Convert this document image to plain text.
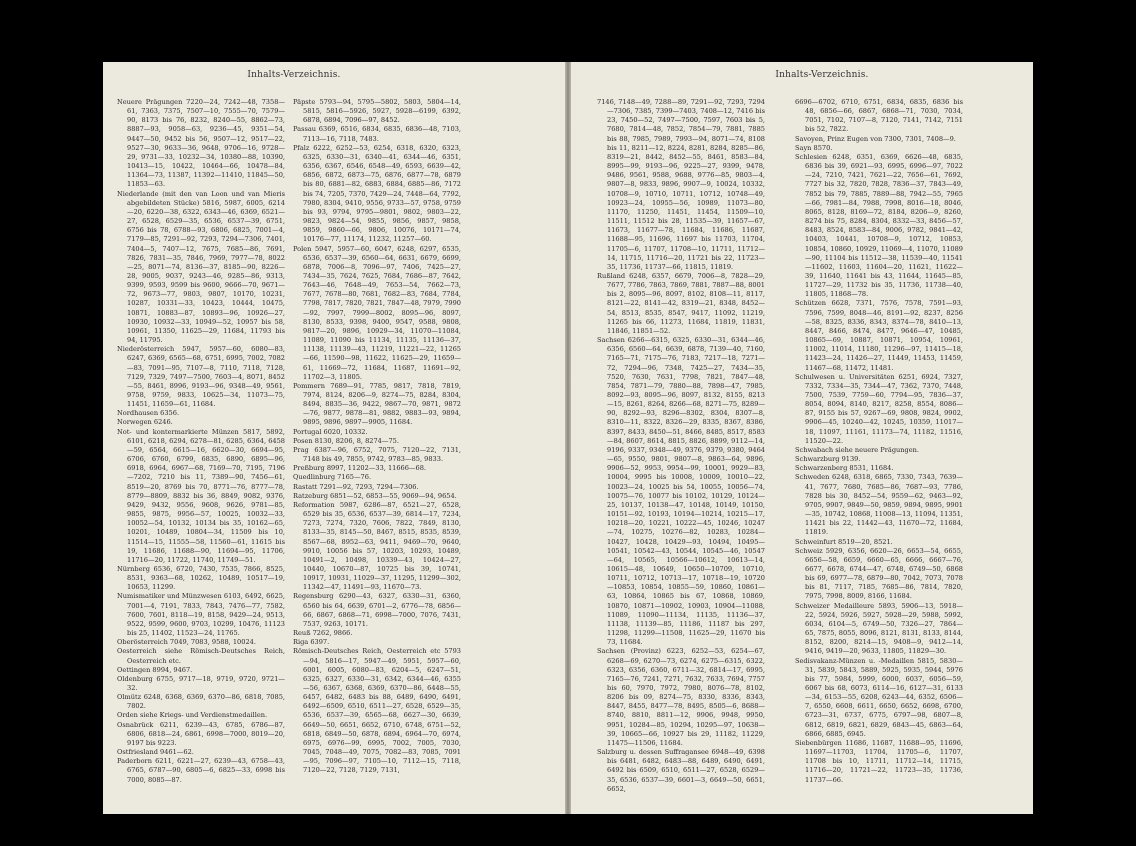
Inhalts-Verzeichnis.
Neuere Prägungen 7220—24, 7242—48, 7358—61, 7363, 7375, 7507—10, 7555—70, 7579—90, 8173 bis 76, 8232, 8240—55, 8862—73, 8887—93, 9058—63, 9236—45, 9351—54, 9447—50, 9452 bis 56, 9507—12, 9517—22, 9527—30, 9633—36, 9648, 9706—16, 9728—29, 9731—33, 10232—34, 10380—88, 10390, 10413—15, 10422, 10464—66, 10478—84, 11364—73, 11387, 11392—11410, 11845—50, 11853—63.
Niederlande (mit den van Loon und van Mieris abgebildeten Stücke) 5816, 5987, 6005, 6214—20, 6220—38, 6322, 6343—46, 6369, 6521—27, 6528, 6529—35, 6536, 6537—39, 6751, 6756 bis 78, 6788—93, 6806, 6825, 7001—4, 7179—85, 7291—92, 7293, 7294—7306, 7401, 7404—5, 7407—12, 7675, 7685—86, 7691, 7826, 7831—35, 7846, 7969, 7977—78, 8022—25, 8071—74, 8136—37, 8185—90, 8226—28, 9005, 9037, 9243—46, 9285—86, 9313, 9399, 9593, 9599 bis 9600, 9666—70, 9671—72, 9673—77, 9803, 9807, 10170, 10231, 10287, 10331—33, 10423, 10444, 10475, 10871, 10883—87, 10893—96, 10926—27, 10930, 10932—33, 10949—52, 10957 bis 58, 10961, 11350, 11625—29, 11684, 11793 bis 94, 11795.
Niederösterreich 5947, 5957—60, 6080—83, 6247, 6369, 6565—68, 6751, 6995, 7002, 7082—83, 7091—95, 7107—8, 7110, 7118, 7128, 7129, 7329, 7497—7500, 7603—4, 8071, 8452—55, 8461, 8996, 9193—96, 9348—49, 9561, 9758, 9759, 9833, 10625—34, 11073—75, 11451, 11659—61, 11684.
Nordhausen 6356.
Norwegen 6246.
Not- und kontermarkierte Münzen 5817, 5892, 6101, 6218, 6294, 6278—81, 6285, 6364, 6458—59, 6564, 6615—16, 6620—30, 6694—95, 6706, 6760, 6799, 6835, 6890, 6895—96, 6918, 6964, 6967—68, 7169—70, 7195, 7196—7202, 7210 bis 11, 7389—90, 7456—61, 8519—20, 8769 bis 70, 8771—76, 8777—78, 8779—8809, 8832 bis 36, 8849, 9082, 9376, 9429, 9432, 9556, 9608, 9626, 9781—85, 9855, 9875, 9956—57, 10025, 10032—33, 10052—54, 10132, 10134 bis 35, 10162—65, 10201, 10489, 10804—34, 11509 bis 10, 11514—15, 11555—58, 11560—61, 11615 bis 19, 11686, 11688—90, 11694—95, 11706, 11716—20, 11722, 11740, 11749—51.
Nürnberg 6536, 6720, 7430, 7535, 7866, 8525, 8531, 9363—68, 10262, 10489, 10517—19, 10653, 11299.
Numismatiker und Münzwesen 6103, 6492, 6625, 7001—4, 7191, 7833, 7843, 7476—77, 7582, 7600, 7601, 8118—19, 8158, 9429—24, 9513, 9522, 9599, 9600, 9703, 10299, 10476, 11123 bis 25, 11402, 11523—24, 11765.
Oberösterreich 7049, 7083, 9588, 10024.
Oesterreich siehe Römisch-Deutsches Reich, Oesterreich etc.
Oettingen 8994, 9467.
Oldenburg 6755, 9717—18, 9719, 9720, 9721—32.
Olmütz 6248, 6368, 6369, 6370—86, 6818, 7085, 7802.
Orden siehe Kriegs- und Verdienstmedaillen.
Osnabrück 6211, 6239—43, 6785, 6786—87, 6806, 6818—24, 6861, 6998—7000, 8019—20, 9197 bis 9223.
Ostfriesland 9461—62.
Paderborn 6211, 6221—27, 6239—43, 6758—43, 6765, 6787—90, 6805—6, 6825—33, 6998 bis 7000, 8085—87.
Päpste 5793—94, 5795—5802, 5803, 5804—14, 5815, 5816—5926, 5927, 5928—6199, 6392, 6878, 6894, 7096—97, 8452.
Passau 6369, 6516, 6834, 6835, 6836—48, 7103, 7113—16, 7118, 7483.
Pfalz 6222, 6252—53, 6254, 6318, 6320, 6323, 6325, 6330—31, 6340—41, 6344—46, 6351, 6356, 6367, 6546, 6548—49, 6593, 6639—42, 6856, 6872, 6873—75, 6876, 6877—78, 6879 bis 80, 6881—82, 6883, 6884, 6885—86, 7172 bis 74, 7205, 7370, 7429—24, 7448—64, 7792, 7980, 8304, 9410, 9556, 9733—57, 9758, 9759 bis 93, 9794, 9795—9801, 9802, 9803—22, 9823, 9824—54, 9855, 9856, 9857, 9858, 9859, 9860—66, 9806, 10076, 10171—74, 10176—77, 11174, 11232, 11257—60.
Polen 5947, 5957—60, 6047, 6248, 6297, 6535, 6536, 6537—39, 6560—64, 6631, 6679, 6699, 6878, 7006—8, 7096—97, 7406, 7425—27, 7434—35, 7624, 7625, 7684, 7686—87, 7642, 7643—46, 7648—49, 7653—54, 7662—73, 7677, 7678—80, 7681, 7682—83, 7684, 7784, 7798, 7817, 7820, 7821, 7847—48, 7979, 7990—92, 7997, 7999—8002, 8095—96, 8097, 8130, 8533, 9398, 9400, 9547, 9588, 9808, 9817—20, 9896, 10929—34, 11070—11084, 11089, 11090 bis 11134, 11135, 11136—37, 11138, 11139—43, 11219, 11221—22, 11265—66, 11590—98, 11622, 11625—29, 11659—61, 11669—72, 11684, 11687, 11691—92, 11702—3, 11805.
Pommern 7689—91, 7785, 9817, 7818, 7819, 7974, 8124, 8206—9, 8274—75, 8284, 8304, 8494, 8835—36, 9422, 9867—70, 9871, 9872—76, 9877, 9878—81, 9882, 9883—93, 9894, 9895, 9896, 9897—9905, 11684.
Portugal 6020, 10332.
Posen 8130, 8206, 8, 8274—75.
Prag 6387—96, 6752, 7075, 7120—22, 7131, 7148 bis 49, 7855, 9742, 9783—85, 9833.
Preßburg 8997, 11202—33, 11666—68.
Quedlinburg 7165—76.
Rastatt 7291—92, 7293, 7294—7306.
Ratzeburg 6851—52, 6853—55, 9069—94, 9654.
Reformation 5987, 6286—87, 6521—27, 6528, 6529 bis 35, 6536, 6537—39, 6814—17, 7234, 7273, 7274, 7320, 7606, 7822, 7849, 8130, 8133—35, 8145—50, 8467, 8515, 8535, 8539, 8567—68, 8952—63, 9411, 9469—70, 9640, 9910, 10056 bis 57, 10203, 10293, 10489, 10491—2, 10498, 10339—43, 10424—27, 10440, 10670—87, 10725 bis 39, 10741, 10917, 10931, 11029—37, 11295, 11299—302, 11342—47, 11491—93, 11670—73.
Regensburg 6290—43, 6327, 6330—31, 6360, 6560 bis 64, 6639, 6701—2, 6776—78, 6856—66, 6867, 6868—71, 6998—7000, 7076, 7431, 7537, 9263, 10171.
Reuß 7262, 9866.
Riga 6397.
Römisch-Deutsches Reich, Oesterreich etc 5793—94, 5816—17, 5947—49, 5951, 5957—60, 6001, 6005, 6080—83, 6204—5, 6247—51, 6325, 6327, 6330—31, 6342, 6344—46, 6355—56, 6367, 6368, 6369, 6370—86, 6448—55, 6457, 6482, 6483 bis 88, 6489, 6490, 6491, 6492—6509, 6510, 6511—27, 6528, 6529—35, 6536, 6537—39, 6565—68, 6627—30, 6639, 6649—50, 6651, 6652, 6710, 6748, 6751—52, 6818, 6849—50, 6878, 6894, 6964—70, 6974, 6975, 6976—99, 6995, 7002, 7005, 7030, 7045, 7048—49, 7075, 7082—83, 7085, 7091—95, 7096—97, 7105—10, 7112—15, 7118, 7120—22, 7128, 7129, 7131,
Inhalts-Verzeichnis.
7146, 7148—49, 7288—89, 7291—92, 7293, 7294—7306, 7385, 7399—7403, 7408—12, 7416 bis 23, 7450—52, 7497—7500, 7597, 7603 bis 5, 7680, 7814—48, 7852, 7854—79, 7881, 7885 bis 88, 7985, 7989, 7993—94, 8071—74, 8108 bis 11, 8211—12, 8224, 8281, 8284, 8285—86, 8319—21, 8442, 8452—55, 8461, 8583—84, 8995—99, 9193—96, 9225—27, 9399, 9478, 9486, 9561, 9588, 9688, 9776—85, 9803—4, 9807—8, 9833, 9896, 9907—9, 10024, 10332, 10708—9, 10710, 10711, 10712, 10748—49, 10923—24, 10955—56, 10989, 11073—80, 11170, 11250, 11451, 11454, 11509—10, 11511, 11512 bis 28, 11535—39, 11657—67, 11673, 11677—78, 11684, 11686, 11687, 11688—95, 11696, 11697 bis 11703, 11704, 11705—6, 11707, 11708—10, 11711, 11712—14, 11715, 11716—20, 11721 bis 22, 11723—35, 11736, 11737—66, 11815, 11819.
Rußland 6248, 6357, 6679, 7006—8, 7828—29, 7677, 7786, 7863, 7869, 7881, 7887—88, 8001 bis 2, 8095—96, 8097, 8102, 8108—11, 8117, 8121—22, 8141—42, 8319—21, 8348, 8452—54, 8513, 8535, 8547, 9417, 11092, 11219, 11265 bis 66, 11273, 11684, 11819, 11831, 11846, 11851—52.
Sachsen 6266—6315, 6325, 6330—31, 6344—46, 6356, 6560—64, 6639, 6878, 7139—40, 7160, 7165—71, 7175—76, 7183, 7217—18, 7271—72, 7294—96, 7348, 7425—27, 7434—35, 7520, 7630, 7631, 7798, 7821, 7847—48, 7854, 7871—79, 7880—88, 7898—47, 7985, 8092—93, 8095—96, 8097, 8132, 8155, 8213—15, 8261, 8264, 8266—68, 8271—75, 8289—90, 8292—93, 8296—8302, 8304, 8307—8, 8310—11, 8322, 8326—29, 8335, 8367, 8386, 8397, 8433, 8450—51, 8466, 8485, 8517, 8583—84, 8607, 8614, 8815, 8826, 8899, 9112—14, 9196, 9337, 9348—49, 9376, 9379, 9380, 9464—65, 9550, 9801, 9807—8, 9863—64, 9896, 9906—52, 9953, 9954—99, 10001, 9929—83, 10004, 9995 bis 10008, 10009, 10010—22, 10023—24, 10025 bis 54, 10055, 10056—74, 10075—76, 10077 bis 10102, 10129, 10124—25, 10137, 10138—47, 10148, 10149, 10150, 10151—92, 10193, 10194—10214, 10215—17, 10218—20, 10221, 10222—45, 10246, 10247—74, 10275, 10276—82, 10283, 10284—10427, 10428, 10429—93, 10494, 10495—10541, 10542—43, 10544, 10545—46, 10547—64, 10565, 10566—10612, 10613—14, 10615—48, 10649, 10650—10709, 10710, 10711, 10712, 10713—17, 10718—19, 10720—10853, 10854, 10855—59, 10860, 10861—63, 10864, 10865 bis 67, 10868, 10869, 10870, 10871—10902, 10903, 10904—11088, 11089, 11090—11134, 11135, 11136—37, 11138, 11139—85, 11186, 11187 bis 297, 11298, 11299—11508, 11625—29, 11670 bis 73, 11684.
Sachsen (Provinz) 6223, 6252—53, 6254—67, 6268—69, 6270—73, 6274, 6275—6315, 6322, 6323, 6356, 6360, 6711—32, 6814—17, 6995, 7165—76, 7241, 7271, 7632, 7633, 7694, 7757 bis 60, 7970, 7972, 7980, 8076—78, 8102, 8206 bis 09, 8274—75, 8330, 8336, 8343, 8447, 8455, 8477—78, 8495, 8505—6, 8688—8740, 8810, 8811—12, 9906, 9948, 9950, 9951, 10284—85, 10294, 10295—97, 10638—39, 10665—66, 10927 bis 29, 11182, 11229, 11475—11506, 11684.
Salzburg u. dessen Suffragansee 6948—49, 6398 bis 6481, 6482, 6483—88, 6489, 6490, 6491, 6492 bis 6509, 6510, 6511—27, 6528, 6529—35, 6536, 6537—39, 6601—3, 6649—50, 6651, 6652,
6696—6702, 6710, 6751, 6834, 6835, 6836 bis 48, 6856—66, 6867, 6868—71, 7030, 7034, 7051, 7102, 7107—8, 7120, 7141, 7142, 7151 bis 52, 7822.
Savoyen, Prinz Eugen von 7300, 7301, 7408—9.
Sayn 8570.
Schlesien 6248, 6351, 6369, 6626—48, 6835, 6836 bis 39, 6921—93, 6995, 6996—97, 7022—24, 7210, 7421, 7621—22, 7656—61, 7692, 7727 bis 32, 7820, 7828, 7836—37, 7843—49, 7852 bis 79, 7885, 7889—88, 7942—55, 7965—66, 7981—84, 7988, 7998, 8016—18, 8046, 8065, 8128, 8169—72, 8184, 8206—9, 8260, 8274 bis 75, 8284, 8304, 8332—33, 8456—57, 8483, 8524, 8583—84, 9006, 9782, 9841—42, 10403, 10441, 10708—9, 10712, 10853, 10854, 10860, 10929, 11069—4, 11070, 11089—90, 11104 bis 11512—38, 11539—40, 11541—11602, 11603, 11604—20, 11621, 11622—39, 11640, 11641 bis 43, 11644, 11645—85, 11727—29, 11732 bis 35, 11736, 11738—40, 11805, 11868—78.
Schützen 6628, 7371, 7576, 7578, 7591—93, 7596, 7599, 8048—46, 8191—92, 8237, 8256—58, 8325, 8336, 8343, 8374—78, 8410—13, 8447, 8466, 8474, 8477, 9646—47, 10485, 10865—69, 10887, 10871, 10954, 10961, 11002, 11014, 11180, 11296—97, 11415—18, 11423—24, 11426—27, 11449, 11453, 11459, 11467—68, 11472, 11481.
Schulwesen u. Universitäten 6251, 6924, 7327, 7332, 7334—35, 7344—47, 7362, 7370, 7448, 7500, 7539, 7759—60, 7794—95, 7836—37, 8054, 8094, 8140, 8217, 8258, 8554, 8086—87, 9155 bis 57, 9267—69, 9808, 9824, 9902, 9906—45, 10240—42, 10245, 10359, 11017—18, 11097, 11161, 11173—74, 11182, 11516, 11520—22.
Schwabach siehe neuere Prägungen.
Schwarzburg 9139.
Schwarzenberg 8531, 11684.
Schweden 6248, 6318, 6865, 7330, 7343, 7639—41, 7677, 7680, 7685—86, 7687—93, 7786, 7828 bis 30, 8452—54, 9559—62, 9463—92, 9705, 9907, 9849—50, 9859, 9894, 9895, 9901—35, 10742, 10868, 11008—13, 11094, 11351, 11421 bis 22, 11442—43, 11670—72, 11684, 11819.
Schweinfurt 8519—20, 8521.
Schweiz 5929, 6356, 6620—26, 6653—54, 6655, 6656—58, 6659, 6660—65, 6666, 6667—76, 6677, 6678, 6744—47, 6748, 6749—50, 6868 bis 69, 6977—78, 6879—80, 7042, 7073, 7078 bis 81, 7117, 7185, 7685—86, 7814, 7820, 7975, 7998, 8009, 8166, 11684.
Schweizer Medailleure 5893, 5906—13, 5918—22, 5924, 5926, 5927, 5928—29, 5988, 5992, 6034, 6104—5, 6749—50, 7326—27, 7864—65, 7875, 8055, 8096, 8121, 8131, 8133, 8144, 8152, 8200, 8214—15, 9408—9, 9412—14, 9416, 9419—20, 9633, 11805, 11829—30.
Sedisvakanz-Münzen u. -Medaillen 5815, 5830—31, 5839, 5843, 5889, 5925, 5935, 5944, 5976 bis 77, 5984, 5999, 6000, 6037, 6056—59, 6067 bis 68, 6073, 6114—16, 6127—31, 6133—34, 6153—55, 6208, 6243—44, 6352, 6506—7, 6550, 6608, 6611, 6650, 6652, 6698, 6700, 6723—31, 6737, 6775, 6797—98, 6807—8, 6812, 6819, 6821, 6829, 6843—45, 6863—64, 6866, 6885, 6945.
Siebenbürgen 11686, 11687, 11688—95, 11696, 11697—11703, 11704, 11705—6, 11707, 11708 bis 10, 11711, 11712—14, 11715, 11716—20, 11721—22, 11723—35, 11736, 11737—66.
